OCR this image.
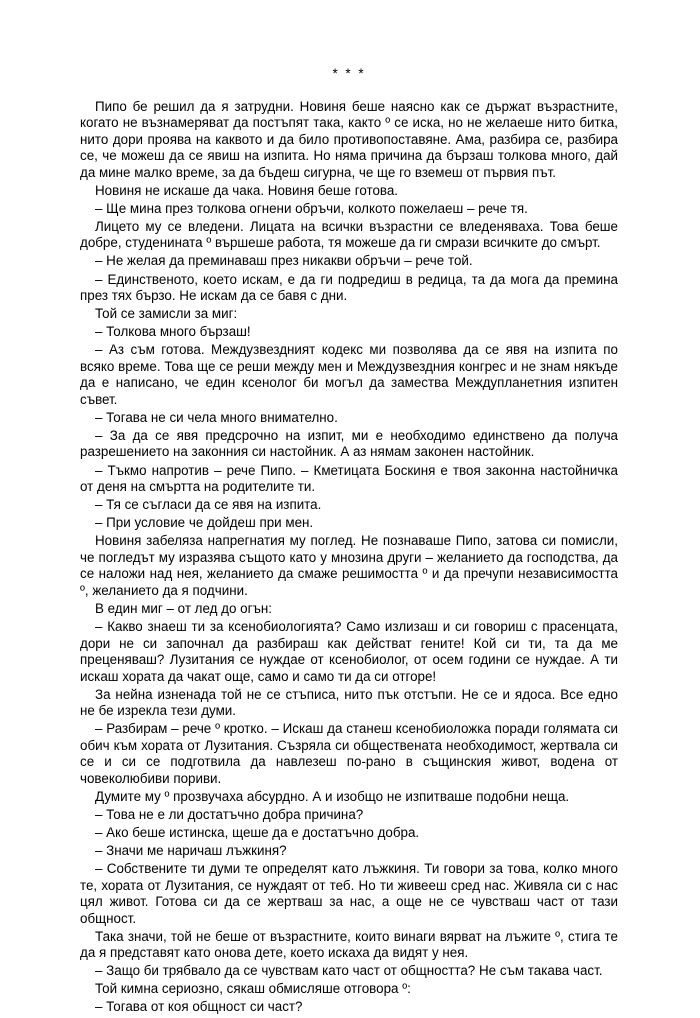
* * *

Пипо бе решил да я затрудни. Новиня беше наясно как се държат възрастните, когато не възнамеряват да постъпят така, както º се иска, но не желаеше нито битка, нито дори проява на каквото и да било противопоставяне. Ама, разбира се, разбира се, че можеш да се явиш на изпита. Но няма причина да бързаш толкова много, дай да мине малко време, за да бъдеш сигурна, че ще го вземеш от първия път.

Новиня не искаше да чака. Новиня беше готова.

– Ще мина през толкова огнени обръчи, колкото пожелаеш – рече тя.

Лицето му се вледени. Лицата на всички възрастни се вледеняваха. Това беше добре, студенината º вършеше работа, тя можеше да ги смрази всичките до смърт.

– Не желая да преминаваш през никакви обръчи – рече той.

– Единственото, което искам, е да ги подредиш в редица, та да мога да премина през тях бързо. Не искам да се бавя с дни.

Той се замисли за миг:

– Толкова много бързаш!

– Аз съм готова. Междузвездният кодекс ми позволява да се явя на изпита по всяко време. Това ще се реши между мен и Междузвездния конгрес и не знам някъде да е написано, че един ксенолог би могъл да замества Междупланетния изпитен съвет.

– Тогава не си чела много внимателно.

– За да се явя предсрочно на изпит, ми е необходимо единствено да получа разрешението на законния си настойник. А аз нямам законен настойник.

– Тъкмо напротив – рече Пипо. – Кметицата Боскиня е твоя законна настойничка от деня на смъртта на родителите ти.

– Тя се съгласи да се явя на изпита.

– При условие че дойдеш при мен.

Новиня забеляза напрегнатия му поглед. Не познаваше Пипо, затова си помисли, че погледът му изразява същото като у мнозина други – желанието да господства, да се наложи над нея, желанието да смаже решимостта º и да пречупи независимостта º, желанието да я подчини.

В един миг – от лед до огън:

– Какво знаеш ти за ксенобиологията? Само излизаш и си говориш с прасенцата, дори не си започнал да разбираш как действат гените! Кой си ти, та да ме преценяваш? Лузитания се нуждае от ксенобиолог, от осем години се нуждае. А ти искаш хората да чакат още, само и само ти да си отгоре!

За нейна изненада той не се стъписа, нито пък отстъпи. Не се и ядоса. Все едно не бе изрекла тези думи.

– Разбирам – рече º кротко. – Искаш да станеш ксенобиоложка поради голямата си обич към хората от Лузитания. Съзряла си обществената необходимост, жертвала си се и си се подготвила да навлезеш по-рано в същинския живот, водена от човеколюбиви пориви.

Думите му º прозвучаха абсурдно. А и изобщо не изпитваше подобни неща.

– Това не е ли достатъчно добра причина?

– Ако беше истинска, щеше да е достатъчно добра.

– Значи ме наричаш лъжкиня?

– Собствените ти думи те определят като лъжкиня. Ти говори за това, колко много те, хората от Лузитания, се нуждаят от теб. Но ти живееш сред нас. Живяла си с нас цял живот. Готова си да се жертваш за нас, а още не се чувстваш част от тази общност.

Така значи, той не беше от възрастните, които винаги вярват на лъжите º, стига те да я представят като онова дете, което искаха да видят у нея.

– Защо би трябвало да се чувствам като част от общността? Не съм такава част.

Той кимна сериозно, сякаш обмисляше отговора º:

– Тогава от коя общност си част?
